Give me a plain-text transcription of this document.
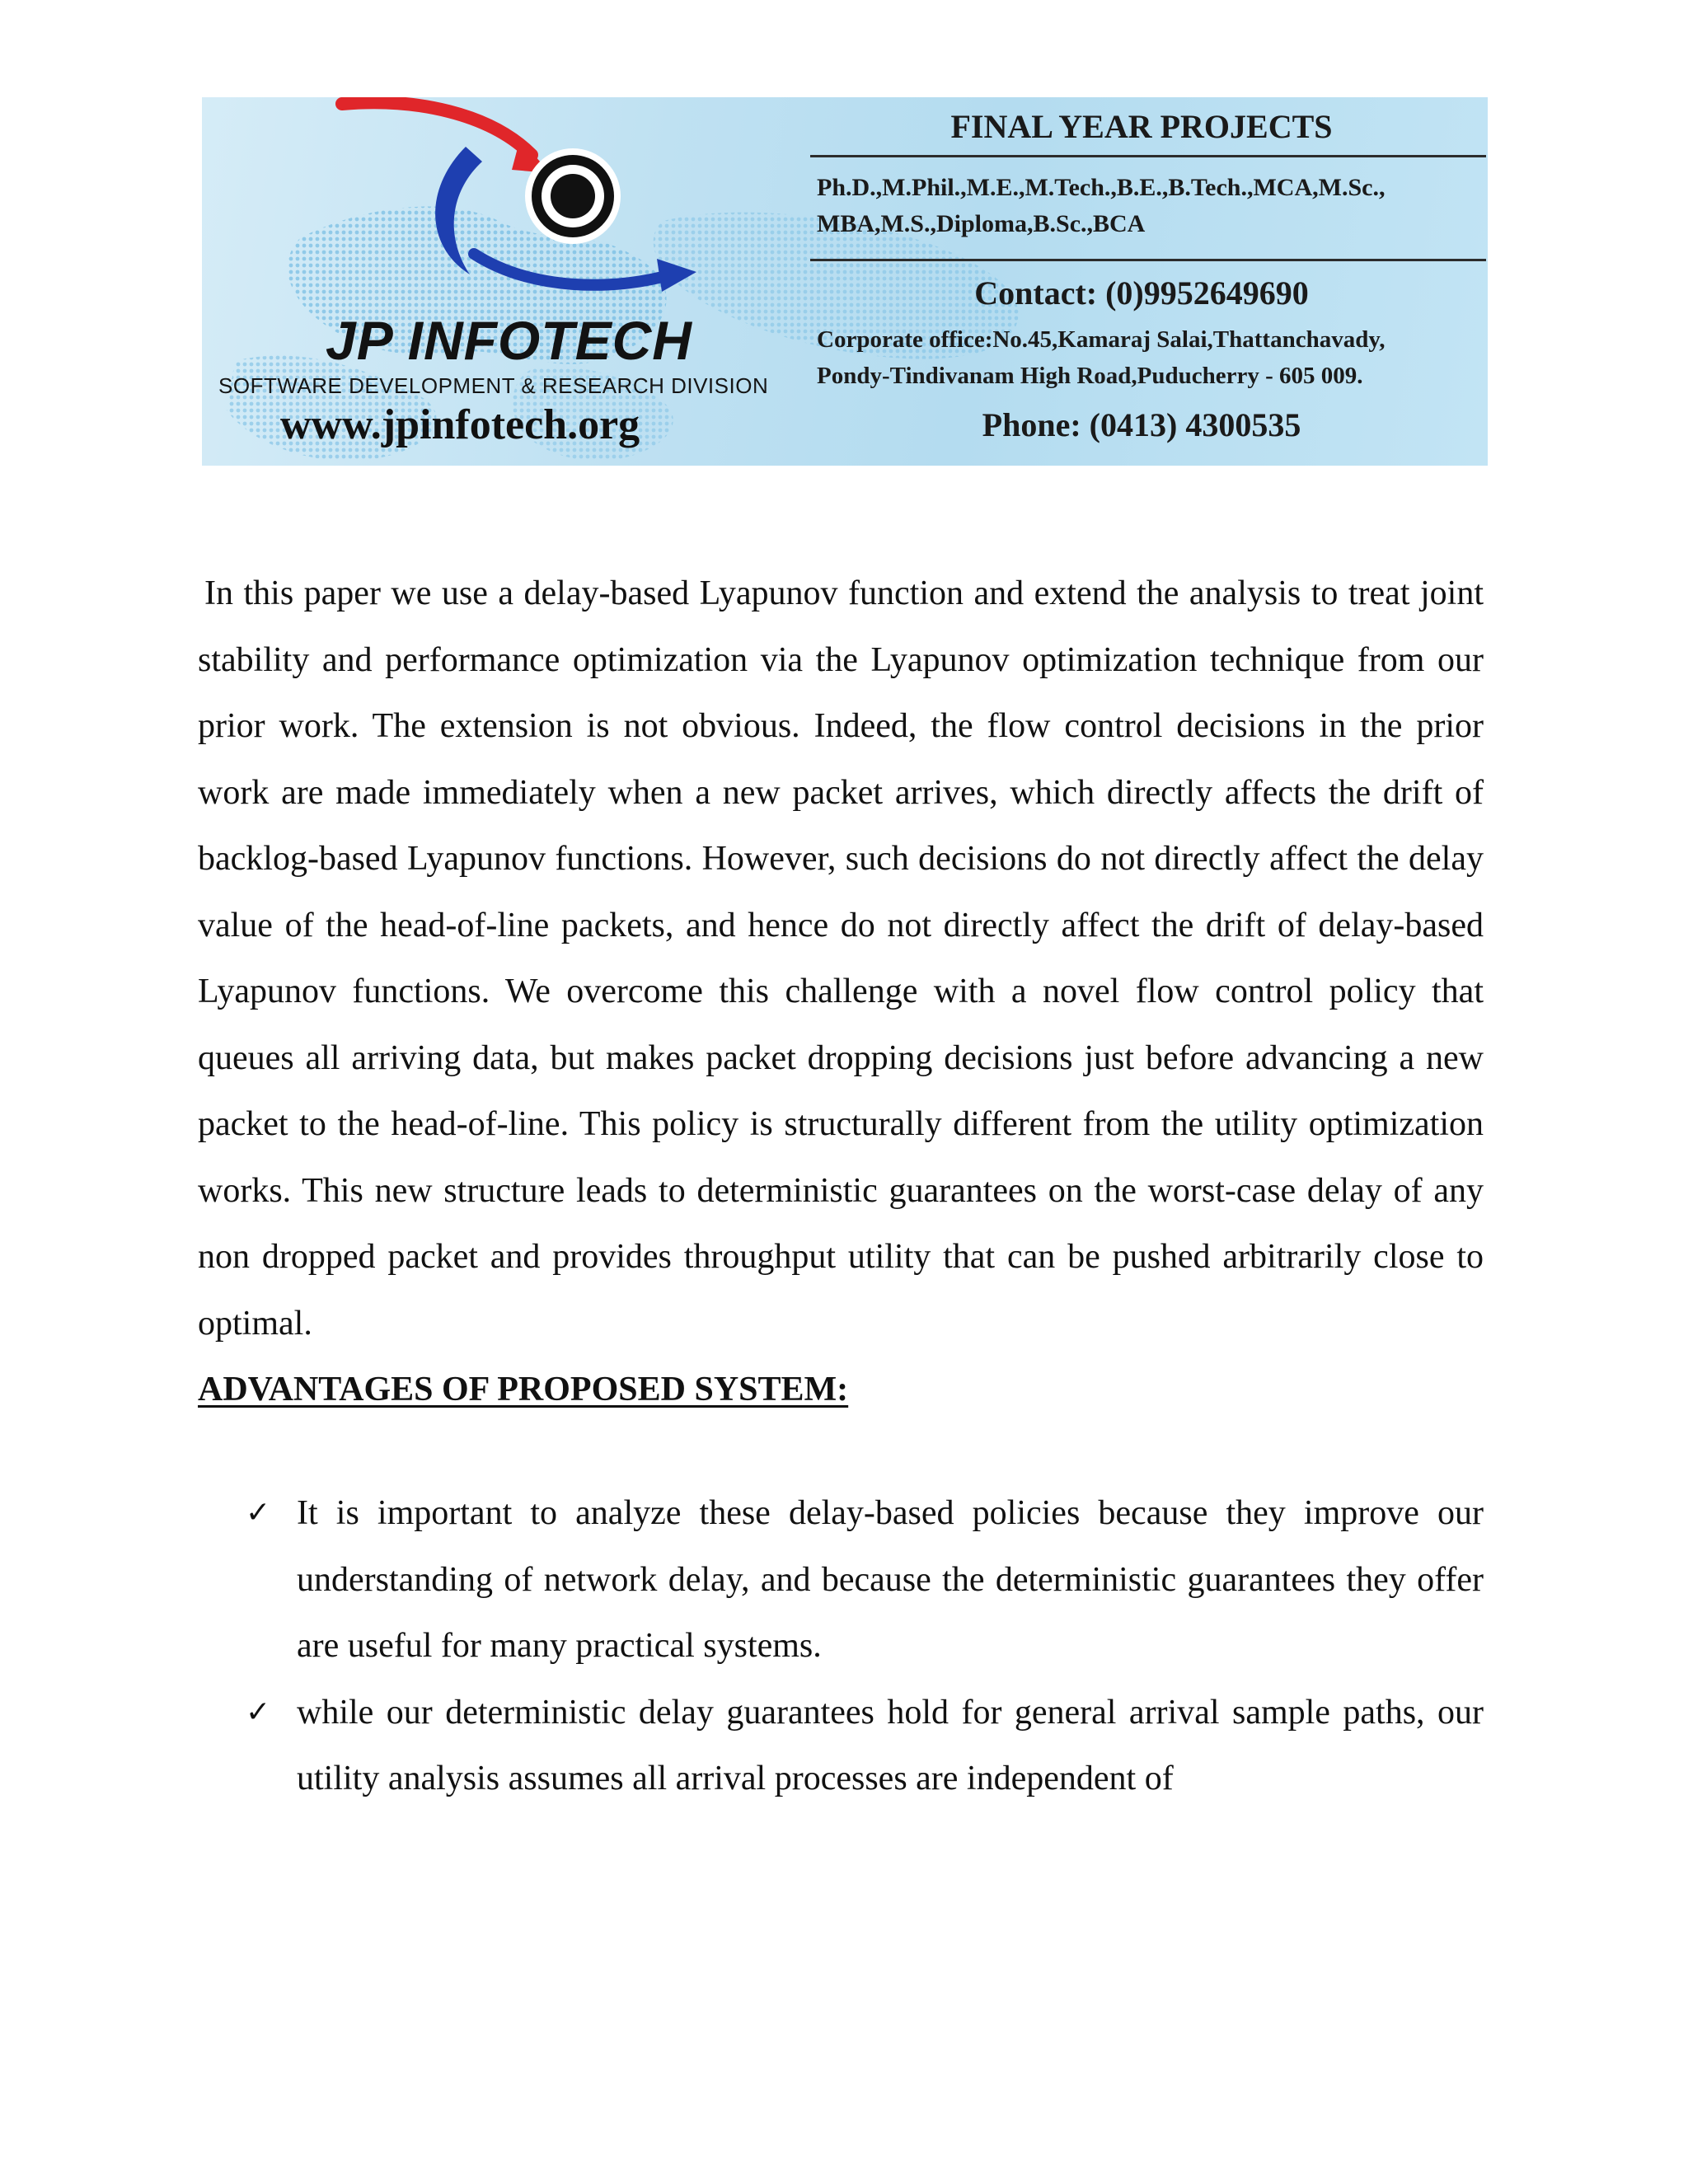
JP INFOTECH
SOFTWARE DEVELOPMENT & RESEARCH DIVISION
www.jpinfotech.org
FINAL YEAR PROJECTS
Ph.D.,M.Phil.,M.E.,M.Tech.,B.E.,B.Tech.,MCA,M.Sc.,
MBA,M.S.,Diploma,B.Sc.,BCA
Contact: (0)9952649690
Corporate office:No.45,Kamaraj Salai,Thattanchavady,
Pondy-Tindivanam High Road,Puducherry - 605 009.
Phone: (0413) 4300535

In this paper we use a delay-based Lyapunov function and extend the analysis to treat joint stability and performance optimization via the Lyapunov optimization technique from our prior work. The extension is not obvious. Indeed, the flow control decisions in the prior work are made immediately when a new packet arrives, which directly affects the drift of backlog-based Lyapunov functions. However, such decisions do not directly affect the delay value of the head-of-line packets, and hence do not directly affect the drift of delay-based Lyapunov functions. We overcome this challenge with a novel flow control policy that queues all arriving data, but makes packet dropping decisions just before advancing a new packet to the head-of-line. This policy is structurally different from the utility optimization works. This new structure leads to deterministic guarantees on the worst-case delay of any non dropped packet and provides throughput utility that can be pushed arbitrarily close to optimal.

ADVANTAGES OF PROPOSED SYSTEM:
✓ It is important to analyze these delay-based policies because they improve our understanding of network delay, and because the deterministic guarantees they offer are useful for many practical systems.
✓ while our deterministic delay guarantees hold for general arrival sample paths, our utility analysis assumes all arrival processes are independent of
